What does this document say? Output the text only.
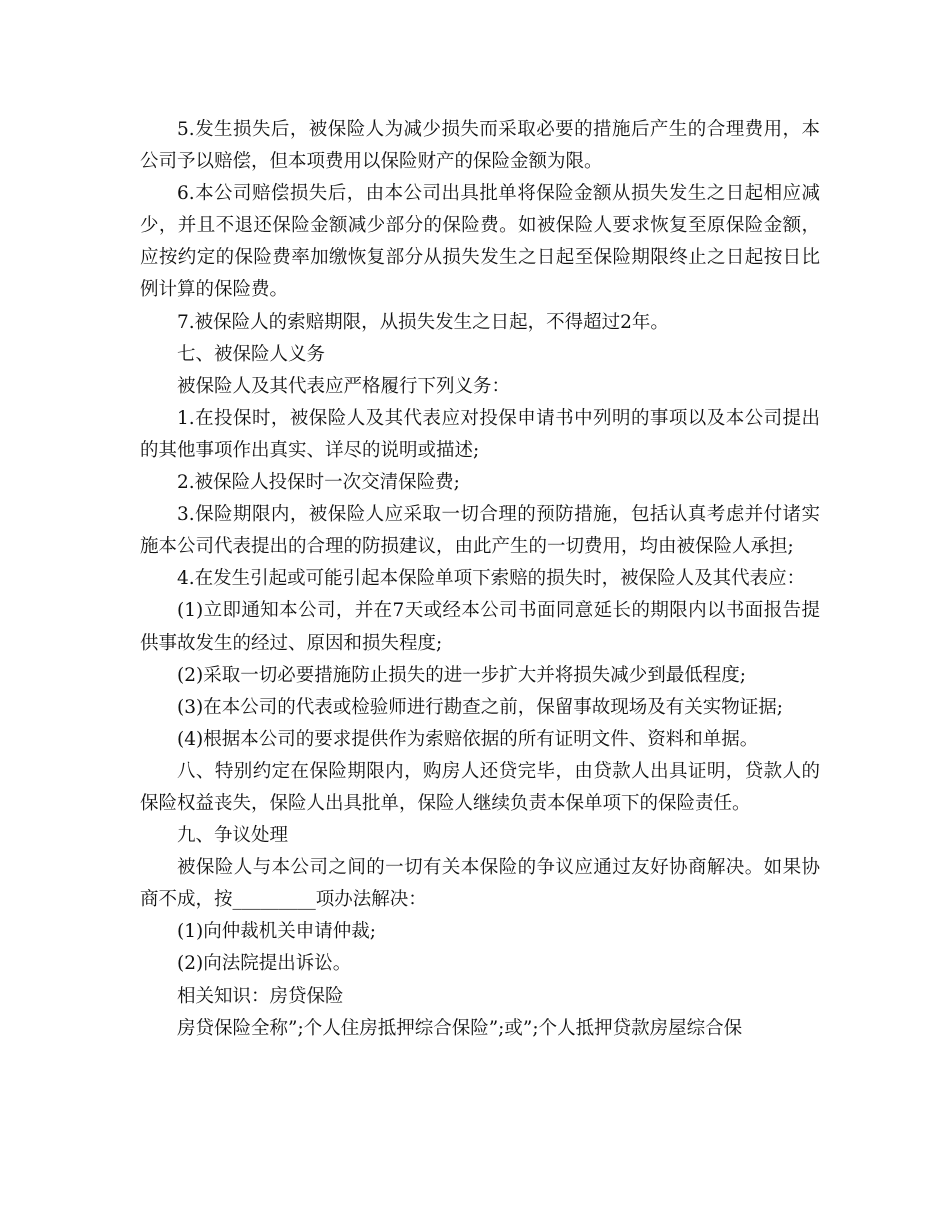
5.发生损失后，被保险人为减少损失而采取必要的措施后产生的合理费用，本公司予以赔偿，但本项费用以保险财产的保险金额为限。

6.本公司赔偿损失后，由本公司出具批单将保险金额从损失发生之日起相应减少，并且不退还保险金额减少部分的保险费。如被保险人要求恢复至原保险金额，应按约定的保险费率加缴恢复部分从损失发生之日起至保险期限终止之日起按日比例计算的保险费。

7.被保险人的索赔期限，从损失发生之日起，不得超过2年。

七、被保险人义务

被保险人及其代表应严格履行下列义务：

1.在投保时，被保险人及其代表应对投保申请书中列明的事项以及本公司提出的其他事项作出真实、详尽的说明或描述;

2.被保险人投保时一次交清保险费;

3.保险期限内，被保险人应采取一切合理的预防措施，包括认真考虑并付诸实施本公司代表提出的合理的防损建议，由此产生的一切费用，均由被保险人承担;

4.在发生引起或可能引起本保险单项下索赔的损失时，被保险人及其代表应：

(1)立即通知本公司，并在7天或经本公司书面同意延长的期限内以书面报告提供事故发生的经过、原因和损失程度;

(2)采取一切必要措施防止损失的进一步扩大并将损失减少到最低程度;

(3)在本公司的代表或检验师进行勘查之前，保留事故现场及有关实物证据;

(4)根据本公司的要求提供作为索赔依据的所有证明文件、资料和单据。

八、特别约定在保险期限内，购房人还贷完毕，由贷款人出具证明，贷款人的保险权益丧失，保险人出具批单，保险人继续负责本保单项下的保险责任。

九、争议处理

被保险人与本公司之间的一切有关本保险的争议应通过友好协商解决。如果协商不成，按_________项办法解决：

(1)向仲裁机关申请仲裁;

(2)向法院提出诉讼。

相关知识：房贷保险

房贷保险全称”;个人住房抵押综合保险”;或”;个人抵押贷款房屋综合保
